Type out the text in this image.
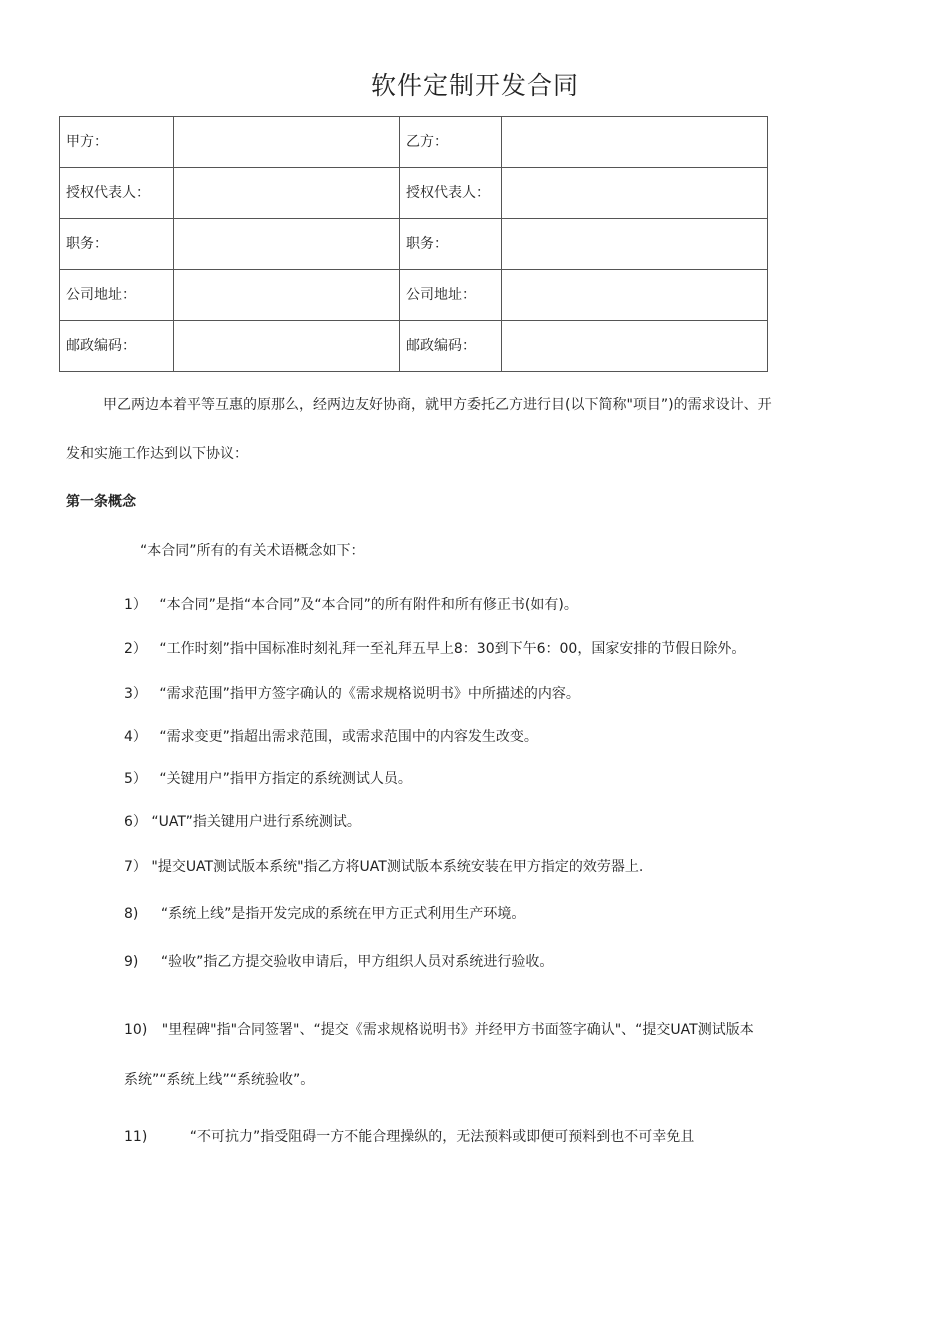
软件定制开发合同
甲方：		乙方：	
授权代表人：		授权代表人：	
职务：		职务：	
公司地址：		公司地址：	
邮政编码：		邮政编码：	
甲乙两边本着平等互惠的原那么，经两边友好协商，就甲方委托乙方进行目(以下简称"项目”)的需求设计、开
发和实施工作达到以下协议：
第一条概念
“本合同”所有的有关术语概念如下：
1） “本合同”是指“本合同”及“本合同”的所有附件和所有修正书(如有)。
2） “工作时刻”指中国标准时刻礼拜一至礼拜五早上8：30到下午6：00，国家安排的节假日除外。
3） “需求范围”指甲方签字确认的《需求规格说明书》中所描述的内容。
4） “需求变更”指超出需求范围，或需求范围中的内容发生改变。
5） “关键用户”指甲方指定的系统测试人员。
6） “UAT”指关键用户进行系统测试。
7） "提交UAT测试版本系统"指乙方将UAT测试版本系统安装在甲方指定的效劳器上.
8) “系统上线”是指开发完成的系统在甲方正式利用生产环境。
9) “验收”指乙方提交验收申请后，甲方组织人员对系统进行验收。
10) "里程碑"指"合同签署"、“提交《需求规格说明书》并经甲方书面签字确认"、“提交UAT测试版本
系统”“系统上线”“系统验收”。
11)	“不可抗力”指受阻碍一方不能合理操纵的，无法预料或即便可预料到也不可幸免且
